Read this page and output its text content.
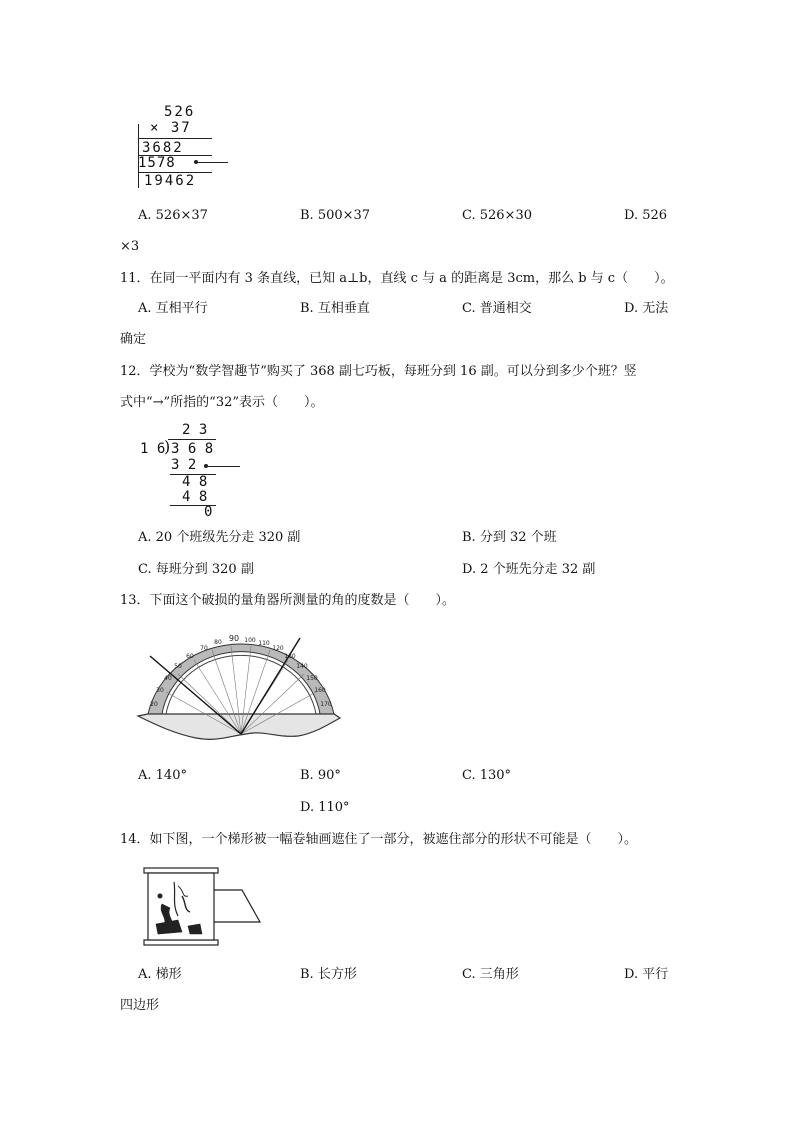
526
× 37
3682
1578
19462
A. 526×37	B. 500×37	C. 526×30	D. 526
×3
11．在同一平面内有 3 条直线，已知 a⊥b，直线 c 与 a 的距离是 3cm，那么 b 与 c（　　）。
A. 互相平行	B. 互相垂直	C. 普通相交	D. 无法
确定
12．学校为“数学智趣节”购买了 368 副七巧板，每班分到 16 副。可以分到多少个班？竖
式中“→”所指的“32”表示（　　）。
2 3
1 6
) 3 6 8
3 2
4 8
4 8
0
A. 20 个班级先分走 320 副	B. 分到 32 个班
C. 每班分到 320 副	D. 2 个班先分走 32 副
13．下面这个破损的量角器所测量的角的度数是（　　）。
20
30
40
50
60
70
80 90 100 110
120
130
140
150
160
170
A. 140°	B. 90°	C. 130°
D. 110°
14．如下图，一个梯形被一幅卷轴画遮住了一部分，被遮住部分的形状不可能是（　　）。
A. 梯形	B. 长方形	C. 三角形	D. 平行
四边形
